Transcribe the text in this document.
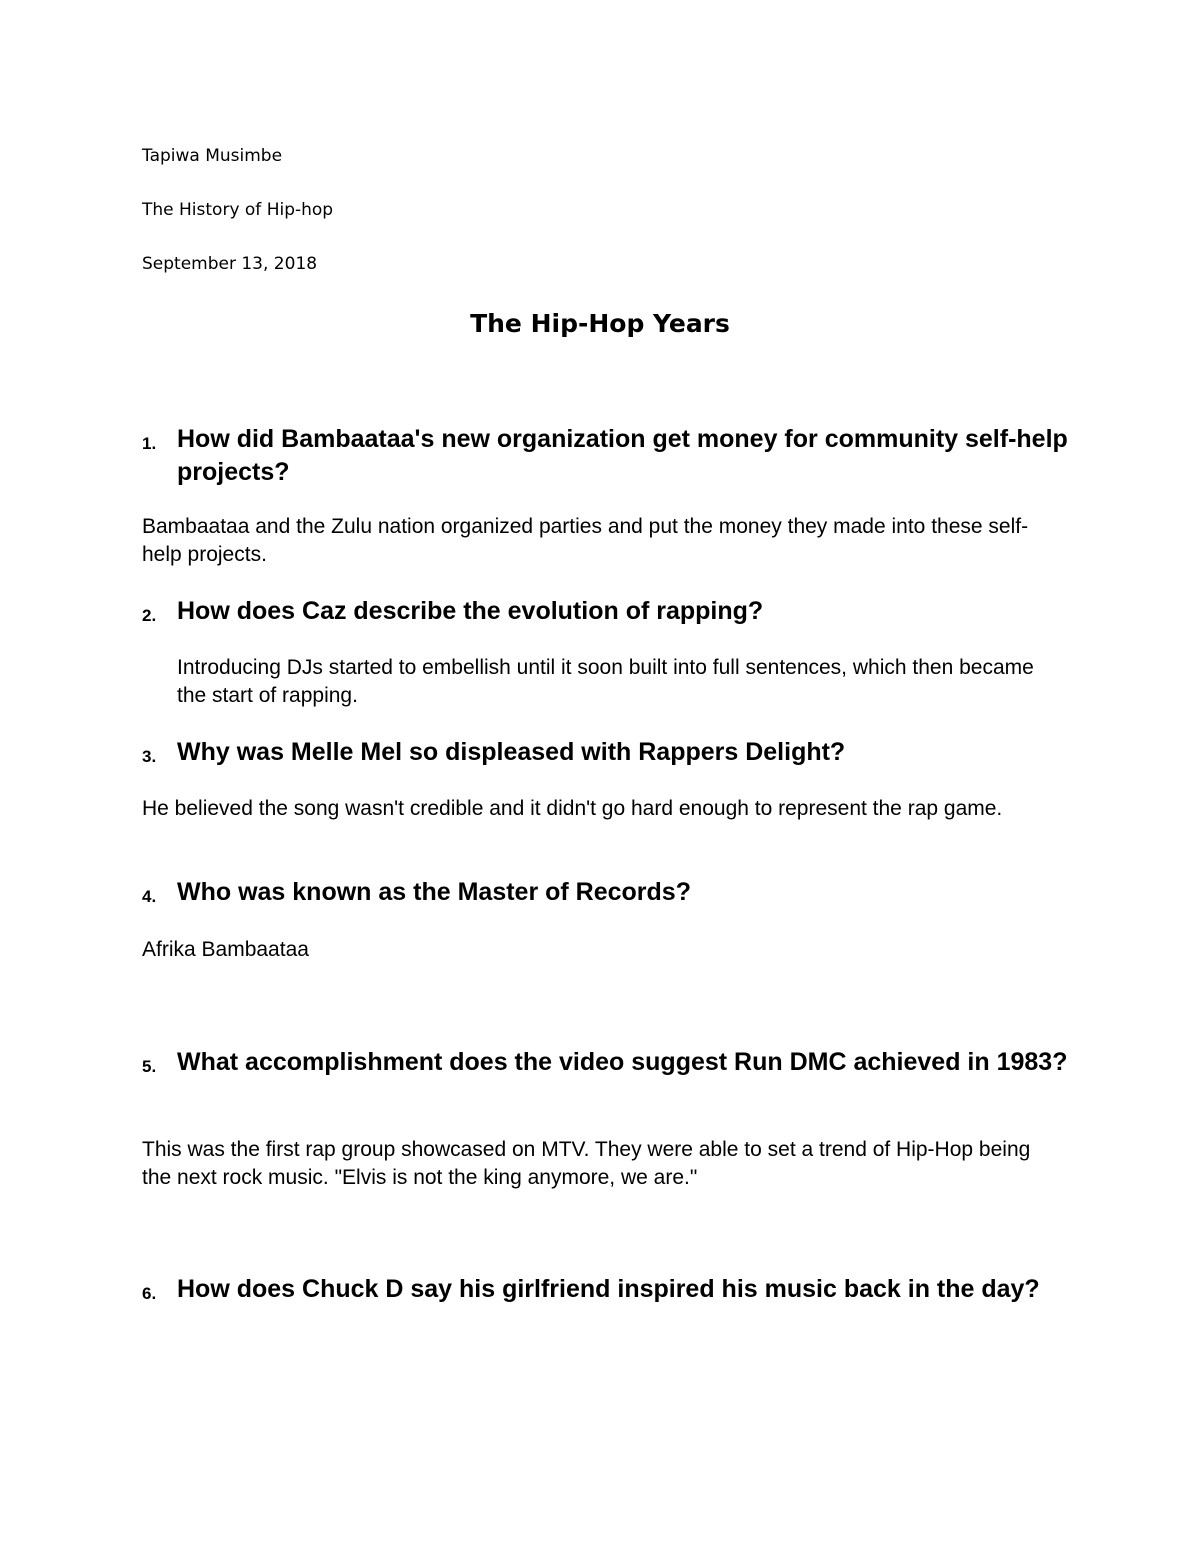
Tapiwa Musimbe
The History of Hip-hop
September 13, 2018
The Hip-Hop Years
1. How did Bambaataa's new organization get money for community self-help projects?
Bambaataa and the Zulu nation organized parties and put the money they made into these self-help projects.
2. How does Caz describe the evolution of rapping?
Introducing DJs started to embellish until it soon built into full sentences, which then became the start of rapping.
3. Why was Melle Mel so displeased with Rappers Delight?
He believed the song wasn't credible and it didn't go hard enough to represent the rap game.
4. Who was known as the Master of Records?
Afrika Bambaataa
5. What accomplishment does the video suggest Run DMC achieved in 1983?
This was the first rap group showcased on MTV. They were able to set a trend of Hip-Hop being the next rock music. "Elvis is not the king anymore, we are."
6. How does Chuck D say his girlfriend inspired his music back in the day?
